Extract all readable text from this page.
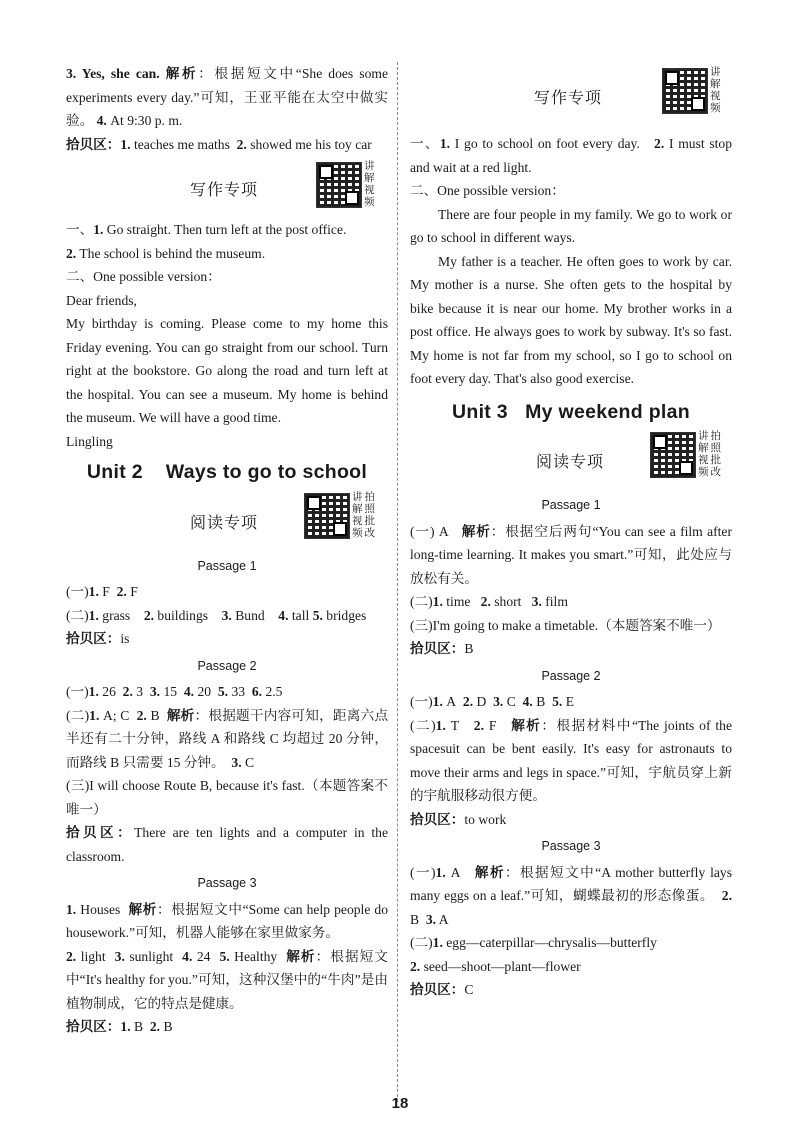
3. Yes, she can. 解析：根据短文中“She does some experiments every day.”可知，王亚平能在太空中做实验。 4. At 9:30 p. m.

拾贝区：1. teaches me maths 2. showed me his toy car

写作专项
讲
解
视
频

一、1. Go straight. Then turn left at the post office.

2. The school is behind the museum.

二、One possible version：

Dear friends,

My birthday is coming. Please come to my home this Friday evening. You can go straight from our school. Turn right at the bookstore. Go along the road and turn left at the hospital. You can see a museum. My home is behind the museum. We will have a good time.

Lingling

Unit 2    Ways to go to school
阅读专项
讲
解
视
频
拍
照
批
改
Passage 1

(一)1. F 2. F

(二)1. grass 2. buildings 3. Bund 4. tall 5. bridges

拾贝区：is

Passage 2

(一)1. 26 2. 3 3. 15 4. 20 5. 33 6. 2.5

(二)1. A; C 2. B 解析：根据题干内容可知，距离六点半还有二十分钟，路线 A 和路线 C 均超过 20 分钟，而路线 B 只需要 15 分钟。 3. C

(三)I will choose Route B, because it's fast.（本题答案不唯一）

拾贝区：There are ten lights and a computer in the classroom.

Passage 3

1. Houses 解析：根据短文中“Some can help people do housework.”可知，机器人能够在家里做家务。

2. light 3. sunlight 4. 24 5. Healthy 解析：根据短文中“It's healthy for you.”可知，这种汉堡中的“牛肉”是由植物制成，它的特点是健康。

拾贝区：1. B 2. B

写作专项
讲
解
视
频

一、1. I go to school on foot every day. 2. I must stop and wait at a red light.

二、One possible version：

There are four people in my family. We go to work or go to school in different ways.

My father is a teacher. He often goes to work by car. My mother is a nurse. She often gets to the hospital by bike because it is near our home. My brother works in a post office. He always goes to work by subway. It's so fast. My home is not far from my school, so I go to school on foot every day. That's also good exercise.

Unit 3   My weekend plan
阅读专项
讲
解
视
频
拍
照
批
改
Passage 1

(一) A 解析：根据空后两句“You can see a film after long-time learning. It makes you smart.”可知，此处应与放松有关。

(二)1. time 2. short 3. film

(三)I'm going to make a timetable.（本题答案不唯一）

拾贝区：B

Passage 2

(一)1. A 2. D 3. C 4. B 5. E

(二)1. T 2. F 解析：根据材料中“The joints of the spacesuit can be bent easily. It's easy for astronauts to move their arms and legs in space.”可知，宇航员穿上新的宇航服移动很方便。

拾贝区：to work

Passage 3

(一)1. A 解析：根据短文中“A mother butterfly lays many eggs on a leaf.”可知，蝴蝶最初的形态像蛋。 2. B 3. A

(二)1. egg—caterpillar—chrysalis—butterfly

2. seed—shoot—plant—flower

拾贝区：C

18
